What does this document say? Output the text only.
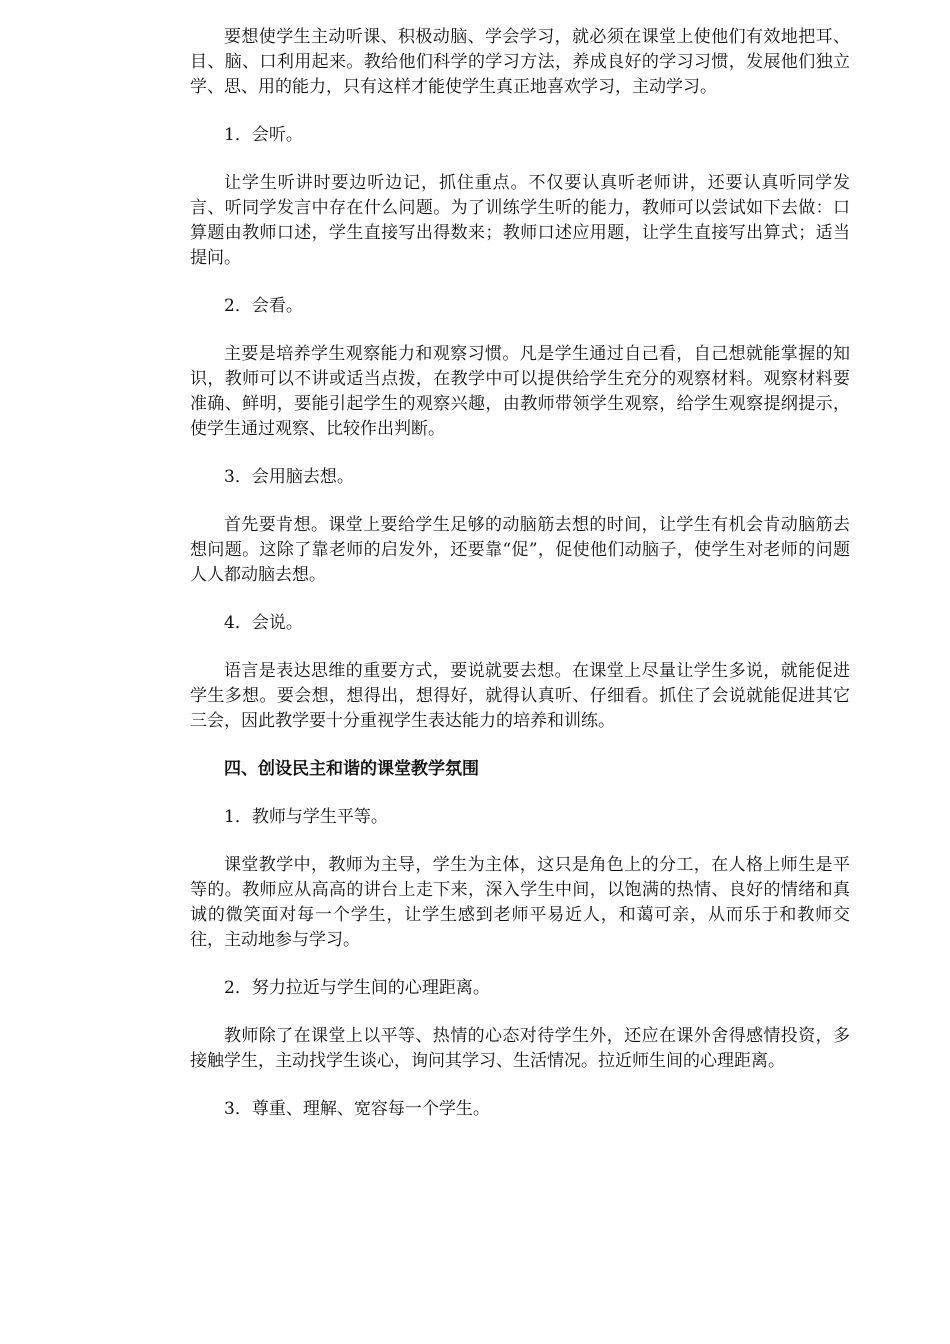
要想使学生主动听课、积极动脑、学会学习，就必须在课堂上使他们有效地把耳、目、脑、口利用起来。教给他们科学的学习方法，养成良好的学习习惯，发展他们独立学、思、用的能力，只有这样才能使学生真正地喜欢学习，主动学习。

1．会听。

让学生听讲时要边听边记，抓住重点。不仅要认真听老师讲，还要认真听同学发言、听同学发言中存在什么问题。为了训练学生听的能力，教师可以尝试如下去做：口算题由教师口述，学生直接写出得数来；教师口述应用题，让学生直接写出算式；适当提问。

2．会看。

主要是培养学生观察能力和观察习惯。凡是学生通过自己看，自己想就能掌握的知识，教师可以不讲或适当点拨，在教学中可以提供给学生充分的观察材料。观察材料要准确、鲜明，要能引起学生的观察兴趣，由教师带领学生观察，给学生观察提纲提示，使学生通过观察、比较作出判断。

3．会用脑去想。

首先要肯想。课堂上要给学生足够的动脑筋去想的时间，让学生有机会肯动脑筋去想问题。这除了靠老师的启发外，还要靠“促”，促使他们动脑子，使学生对老师的问题人人都动脑去想。

4．会说。

语言是表达思维的重要方式，要说就要去想。在课堂上尽量让学生多说，就能促进学生多想。要会想，想得出，想得好，就得认真听、仔细看。抓住了会说就能促进其它三会，因此教学要十分重视学生表达能力的培养和训练。

四、创设民主和谐的课堂教学氛围

1．教师与学生平等。

课堂教学中，教师为主导，学生为主体，这只是角色上的分工，在人格上师生是平等的。教师应从高高的讲台上走下来，深入学生中间，以饱满的热情、良好的情绪和真诚的微笑面对每一个学生，让学生感到老师平易近人，和蔼可亲，从而乐于和教师交往，主动地参与学习。

2．努力拉近与学生间的心理距离。

教师除了在课堂上以平等、热情的心态对待学生外，还应在课外舍得感情投资，多接触学生，主动找学生谈心，询问其学习、生活情况。拉近师生间的心理距离。

3．尊重、理解、宽容每一个学生。
